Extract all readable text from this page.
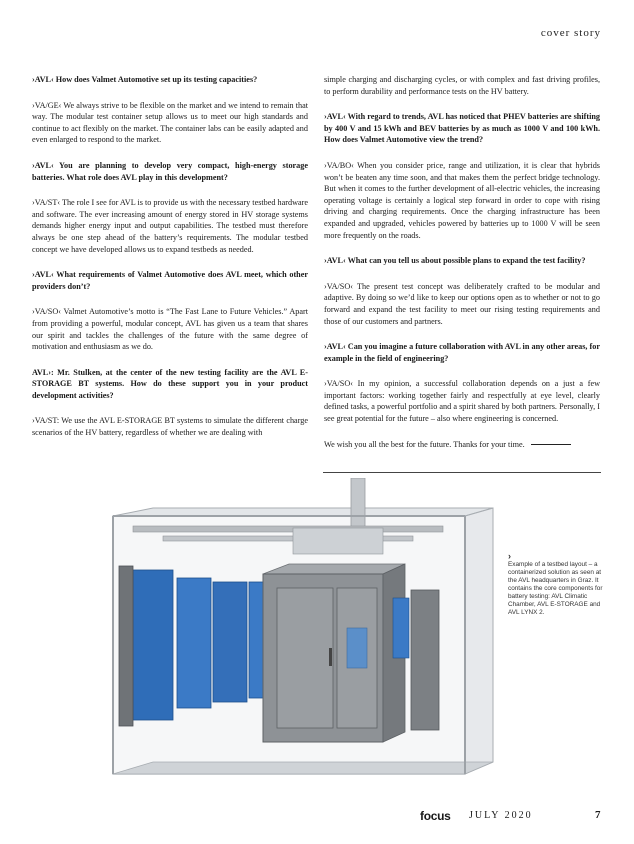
cover story

›AVL‹ How does Valmet Automotive set up its testing capacities?

›VA/GE‹ We always strive to be flexible on the market and we intend to remain that way. The modular test container setup allows us to meet our high standards and continue to act flexibly on the market. The container labs can be easily adapted and even enlarged to respond to the market.

›AVL‹ You are planning to develop very compact, high-energy storage batteries. What role does AVL play in this development?

›VA/ST‹ The role I see for AVL is to provide us with the necessary testbed hardware and software. The ever increasing amount of energy stored in HV storage systems demands higher energy input and output capabilities. The testbed must therefore always be one step ahead of the battery’s requirements. The modular testbed concept we have developed allows us to expand testbeds as needed.

›AVL‹ What requirements of Valmet Automotive does AVL meet, which other providers don’t?

›VA/SO‹ Valmet Automotive’s motto is “The Fast Lane to Future Vehicles.” Apart from providing a powerful, modular concept, AVL has given us a team that shares our spirit and tackles the challenges of the future with the same degree of motivation and enthusiasm as we do.

AVL›: Mr. Stulken, at the center of the new testing facility are the AVL E-STORAGE BT systems. How do these support you in your product development activities?

›VA/ST: We use the AVL E-STORAGE BT systems to simulate the different charge scenarios of the HV battery, regardless of whether we are dealing with

simple charging and discharging cycles, or with complex and fast driving profiles, to perform durability and performance tests on the HV battery.

›AVL‹ With regard to trends, AVL has noticed that PHEV batteries are shifting by 400 V and 15 kWh and BEV batteries by as much as 1000 V and 100 kWh. How does Valmet Automotive view the trend?

›VA/BO‹ When you consider price, range and utilization, it is clear that hybrids won’t be beaten any time soon, and that makes them the perfect bridge technology. But when it comes to the further development of all-electric vehicles, the increasing operating voltage is certainly a logical step forward in order to cope with rising driving and charging requirements. Once the charging infrastructure has been expanded and upgraded, vehicles powered by batteries up to 1000 V will be seen more frequently on the roads.

›AVL‹ What can you tell us about possible plans to expand the test facility?

›VA/SO‹ The present test concept was deliberately crafted to be modular and adaptive. By doing so we’d like to keep our options open as to whether or not to go forward and expand the test facility to meet our rising testing requirements and those of our customers and partners.

›AVL‹ Can you imagine a future collaboration with AVL in any other areas, for example in the field of engineering?

›VA/SO‹ In my opinion, a successful collaboration depends on a just a few important factors: working together fairly and respectfully at eye level, clearly defined tasks, a powerful portfolio and a spirit shared by both partners. Personally, I see great potential for the future – also where engineering is concerned.

We wish you all the best for the future. Thanks for your time.

›
Example of a testbed layout – a containerized solution as seen at the AVL headquarters in Graz. It contains the core components for battery testing: AVL Climatic Chamber, AVL E-STORAGE and AVL LYNX 2.
focus JULY 2020	7
